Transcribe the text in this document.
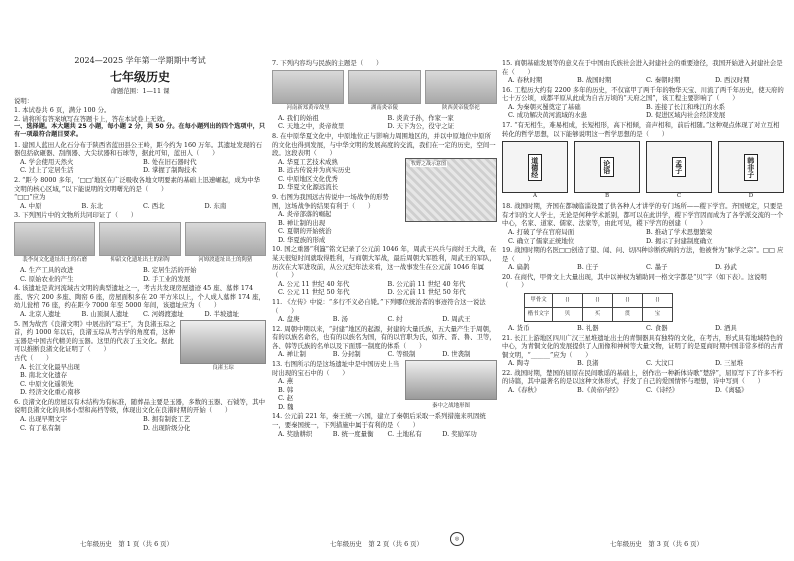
2024—2025 学年第一学期期中考试
七年级历史
命题范围：1—11 课
说明：
1. 本试卷共 6 页，满分 100 分。
2. 请将所有答案填写在答题卡上，答在本试卷上无效。
一、选择题。本大题共 25 小题，每小题 2 分，共 50 分。在每小题列出的四个选项中，只有一项最符合题目要求。
1. 建国人蓝田人化石分布于陕西省蓝田县公王岭，距今约为 160 万年。其遗址发现的石器包括砍砸器、刮削器、大尖状器和石球等，据此可知，蓝田人（　　）
A. 学会使用天然火	B. 处在旧石器时代
C. 过上了定居生活	D. 掌握了制陶技术
2. “距今 8000 多年，‘□□’地区在广泛吸收各地文明要素的基础上迅速崛起，成为中华文明的核心区域，”以下能说明的文明曙光的是（　　）
“□□”应为
A. 中原	B. 东北	C. 西北	D. 东南
3. 下列图片中的文物所共同印证了（　　）
裴李岗文化遗址出土的石磨	仰韶文化遗址出土的彩陶	河姆渡遗址出土的陶猪
A. 生产工具的改进	B. 定居生活的开始
C. 原始农业的产生	D. 手工业的发展
4. 该遗址是黄河流域古文明的典型遗址之一，考古共发现房屋遗迹 45 座、墓葬 174 座、客穴 200 多座、陶窑 6 座，房屋面积多在 20 平方米以上，个人成人墓葬 174 座，幼儿瓮棺 76 座，约在距今 7000 年至 5000 年间，该遗址应为（　　）
A. 北京人遗址	B. 山顶洞人遗址	C. 河姆渡遗址	D. 半坡遗址
5. 图为故宫《良渚文明》中展出的“琮王”，为良渚玉琮之首，约 1000 年以后，良渚玉琮从考古学的角度看，这种玉器是中国古代精美的玉器。这里的代表了玉文化。据此可以推断良渚文化证明了（　　）
古代（　　）
良渚玉琮
A. 长江文化最早出现
B. 南北文化遗存
C. 中原文化遥领先
D. 经济文化重心南移
6. 良渚文化的房屋以有木结构为有标准，随葬品主要是玉器，多数的玉器、石钺等，其中说明良渚文化的具体小型和高档等级，体现出文化在良渚时期的开始（　　）
A. 出现早期文字	B. 拥有制瓷工艺
C. 有了私有制	D. 出现阶级分化
7. 下列内容均与民族的主题是（　　）
河南新郑黄帝故里	湖南炎帝陵	陕西黄帝陵祭祀
A. 我们的始祖	B. 炎黄子孙，作家一家
C. 天地之中，炎帝故里	D. 天下为公，役守之证
8. 在中原华夏文化中，中原地位正与影响力周围地区的，并以中原地位中原所的文化也得到发展，与中华文明的发展高度的交流，我们在一定的历史，空间一段。这段表明（　　）
牧野之战示意图
A. 华夏工艺技术成熟
B. 远古传说并为真实历史
C. 中原地区文化优秀
D. 华夏文化源远流长
9. 右图为我国远古传说中一场战争的形势图，这场战争的结果有利于（　　）
A. 炎帝部落的崛起
B. 禅让制的出现
C. 夏朝的开始统治
D. 华夏族的形成
10. 国之重器“利簋”铭文记录了公元前 1046 年，周武王兴兵与商纣王大战，在某天很短时间就取得胜利，与商朝大军战，最后周朝大军胜利，周武王的军队，历次在大军进攻前，从公元纪年法来看，这一战事发生在公元前 1046 年属（　　）
A. 公元 11 世纪 40 年代	B. 公元前 11 世纪 40 年代
C. 公元 11 世纪 50 年代	D. 公元前 11 世纪 50 年代
11. 《左传》中说：“多行不义必自毙。”下列哪位统治者的事迹符合这一说法（　　）
A. 盘庚	B. 汤	C. 纣	D. 周武王
12. 周朝中期以来，“封建”地区的起源，封建的大量氏族，五大量产生于周朝，有的以族名命名，也有的以族名为国，有的以官职为氏，如齐、晋、鲁、卫等，各、韩等氏族的名单以及下面那一制度的体系（　　）
A. 禅让制	B. 分封制	C. 等级制	D. 世袭制
13. 右图所示的是这场遗址中是中国历史上当时出现的宝石中的（　　）
A. 燕
B. 韩
C. 赵
D. 魏	秦中之战地形图
14. 公元前 221 年，秦王统一六国，建立了秦朝后采取一系列措施来巩固统一，要秦国统一，下列措施中属于有利的是（　　）
A. 奖励耕织	B. 统一度量衡	C. 土地私有	D. 奖励军功
15. 商朝基础发展等的意义在于中国由氏族社会进入封建社会的重要途径，我国开始进入封建社会是在（　　）
A. 春秋时期	B. 战国时期	C. 秦朝时期	D. 西汉时期
16. 工程历大约有 2200 多年的历史，不仅富甲了两千年的物华天宝、川流了两千年历史，使天府的七十万公顷，成都平原从此成为自古万顷的“天府之国”，该工程主要影响了（　　）
A. 为秦朝灭蜀奠定了基础	B. 连接了长江和珠江的水系
C. 成功解决黄河流域的水患	D. 促进区域内社会经济发展
17. “有无相生，难易相成，长短相形，高下相倾，音声相和，前后相随。”这种观点体现了对立互相转化的哲学思想，以下能够说明这一哲学思想的是（　　）
道德经
A
论语
B
孟子
C
韩非子
D
18. 战国时期，齐国在都城临淄设置了供各种人才讲学的专门场所——稷下学宫。齐国规定，只要是有才识的文人学士，无论是何种学术派别，都可以在此讲学，稷下学宫因而成为了各学派交流的一个中心，名家、道家、儒家、法家等，由此可见，稷下学宫的创建（　　）
A. 打破了学在官府局面	B. 推动了学术思想繁荣
C. 确立了儒家正统地位	D. 揭示了封建制度确立
19. 战国时期的名医□□创造了望、闻、问、切四种诊断疾病的方法，他被誉为“脉学之宗”。□□ 应是（　　）
A. 扁鹊	B. 庄子	C. 墨子	D. 孙武
20. 在商代，甲骨文上大量出现，其中以神权为辅助同一格文字都是“贝”字（如下表）。这说明（　　）
甲骨文	⟨⟩	⟨⟩	⟨⟩	⟨⟩
楷书文字	贝	买	贯	宝
A. 货币	B. 礼器	C. 食器	D. 酒具
21. 长江上游地区四川广汉三星堆遗址出土的青铜器具有独特的文化，在考古，形式具有地域特色的中心，为青铜文化的发展提供了人面像和神树等大量文物，证明了的是夏商时期中国非常多样的古青铜文明，“______”应为（　　）
A. 陶寺	B. 良渚	C. 大汶口	D. 三星堆
22. 战国时期，楚国的屈原在民间歌谣的基础上，创作出一种新体诗歌“楚辞”，屈原写下了许多不朽的诗篇，其中最著名的是以这种文体形式，抒发了自己的爱国情怀与理想，诗中写到（　　）
A.《春秋》	B.《黄帝内经》	C.《诗经》	D.《离骚》
七年级历史　第 1 页（共 6 页）	七年级历史　第 2 页（共 6 页）
◎
七年级历史　第 3 页（共 6 页）
